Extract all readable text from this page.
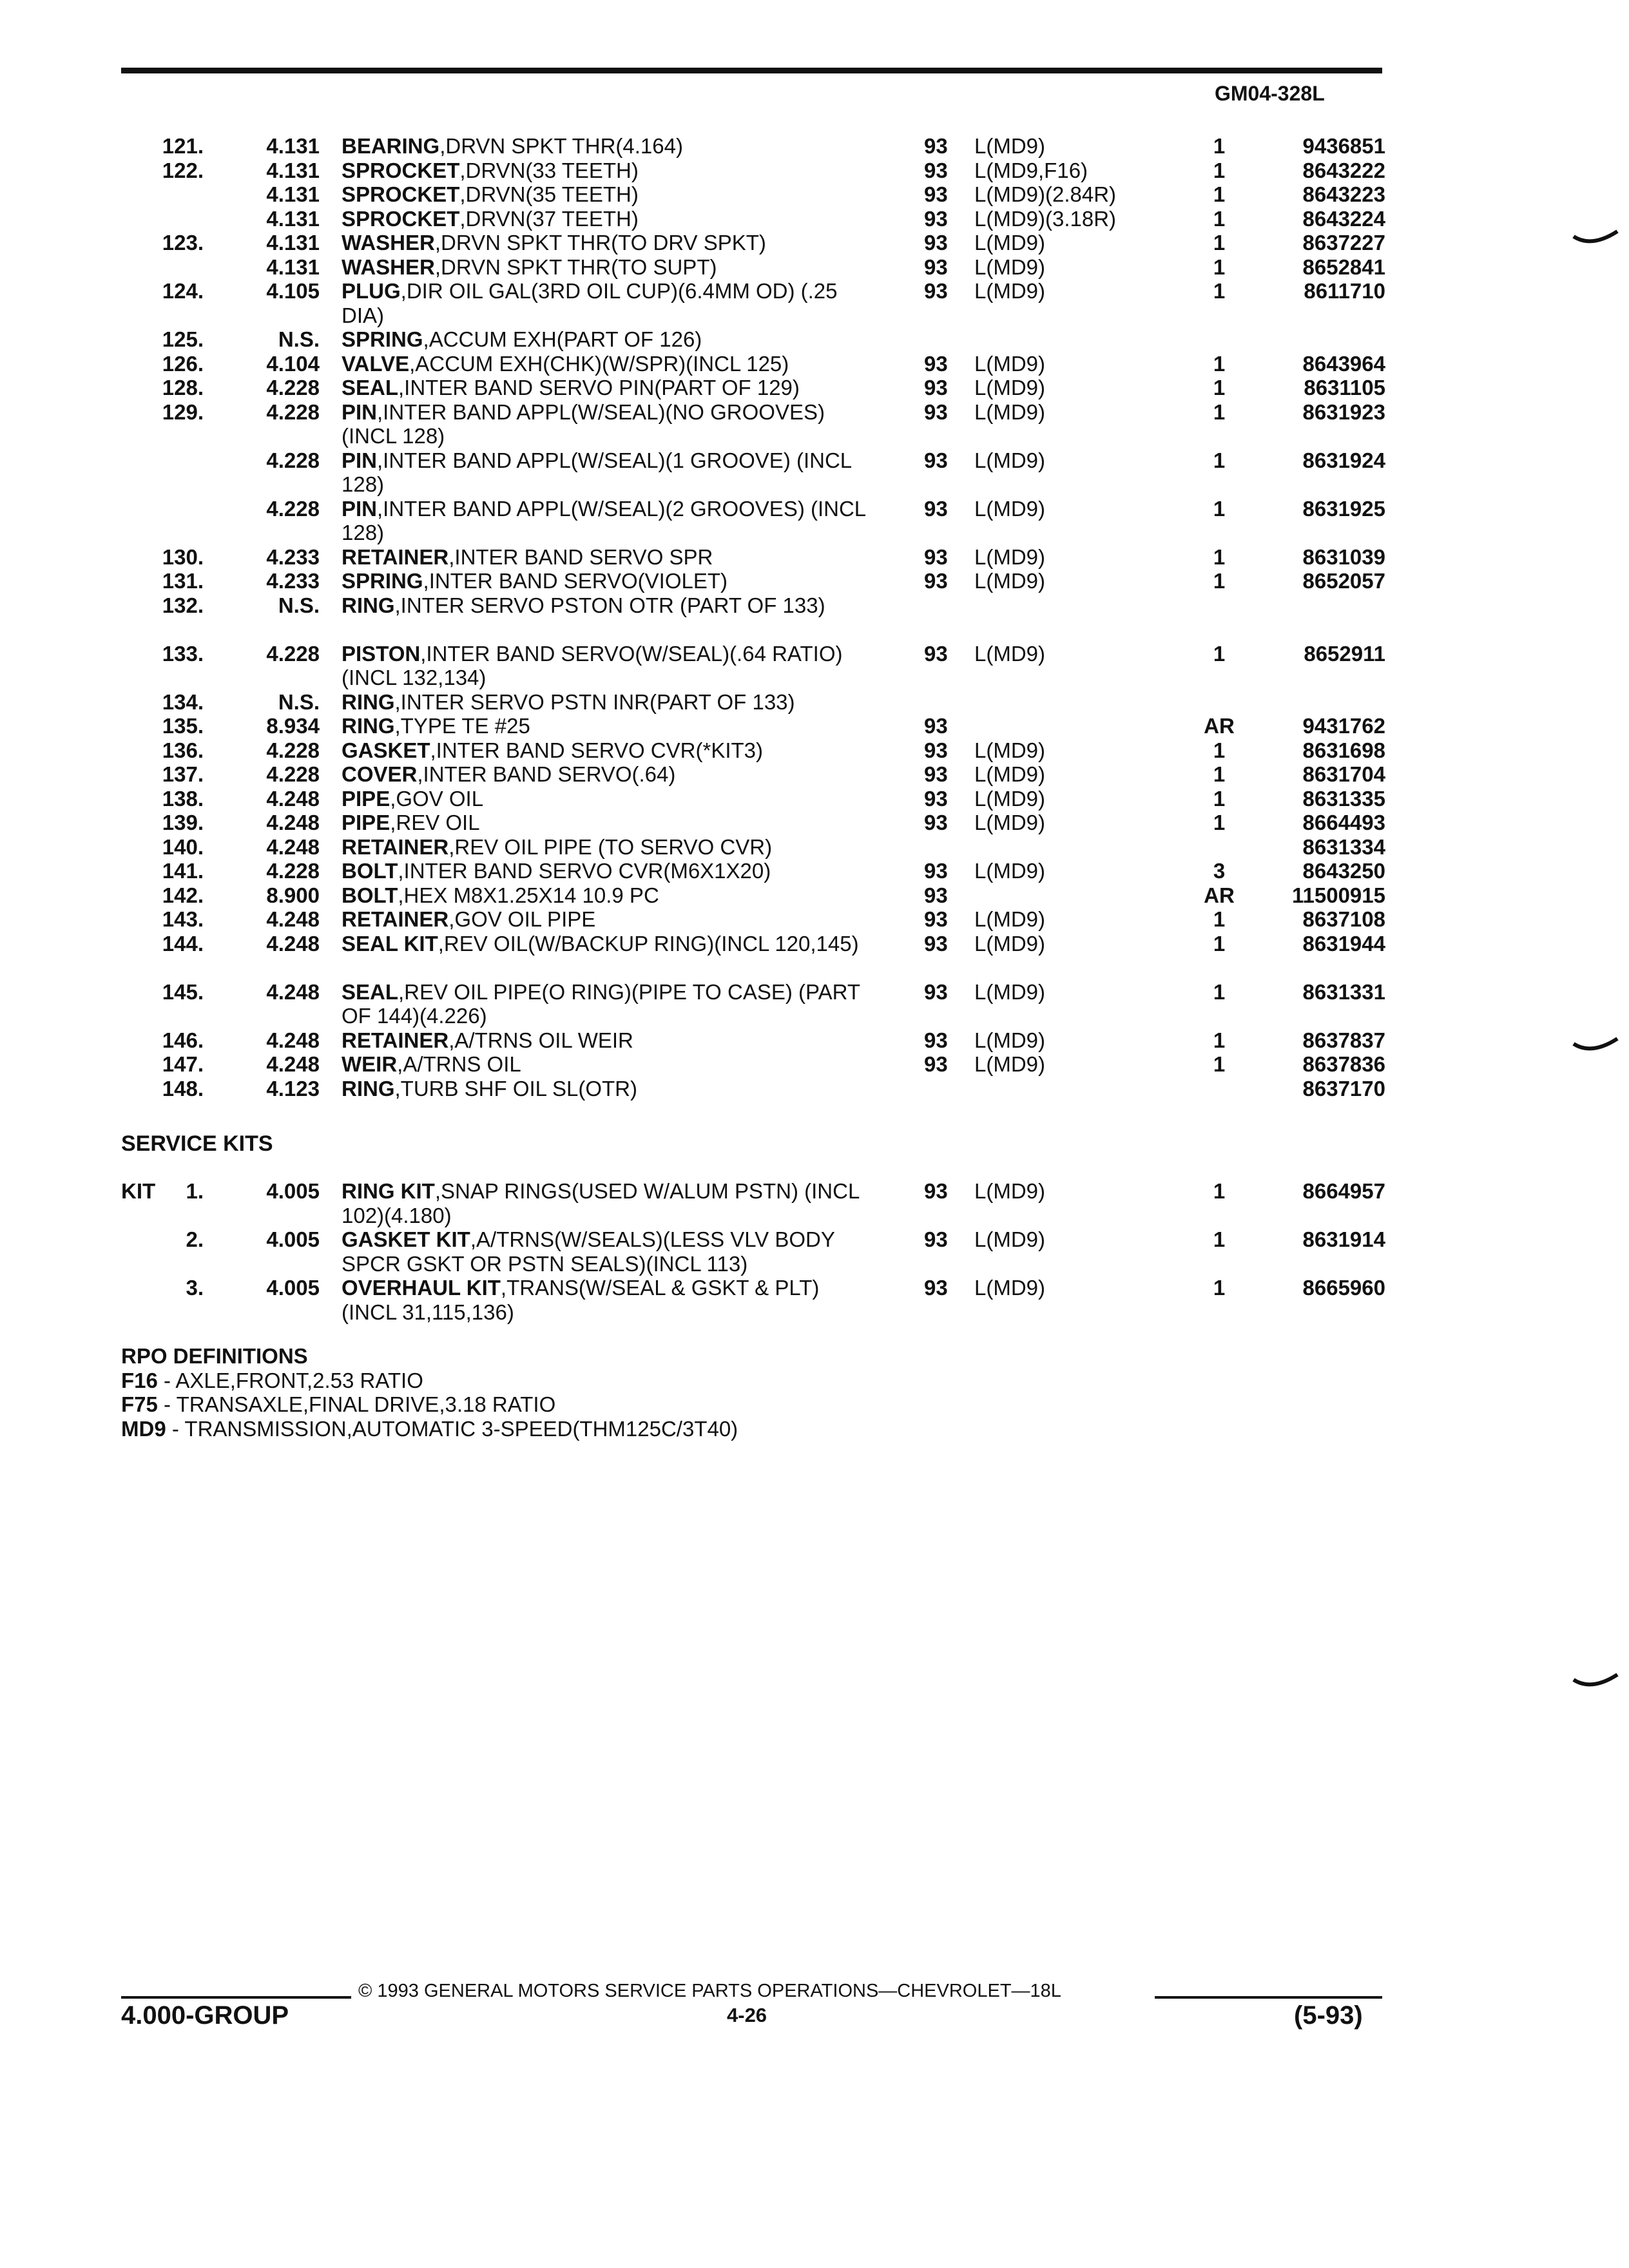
GM04-328L
121.	4.131	93	L(MD9)	1	9436851
BEARING,DRVN SPKT THR(4.164)
122.	4.131	93	L(MD9,F16)	1	8643222
SPROCKET,DRVN(33 TEETH)
4.131	93	L(MD9)(2.84R)	1	8643223
SPROCKET,DRVN(35 TEETH)
4.131	93	L(MD9)(3.18R)	1	8643224
SPROCKET,DRVN(37 TEETH)
123.	4.131	93	L(MD9)	1	8637227
WASHER,DRVN SPKT THR(TO DRV SPKT)
4.131	93	L(MD9)	1	8652841
WASHER,DRVN SPKT THR(TO SUPT)
124.	4.105	93	L(MD9)	1	8611710
PLUG,DIR OIL GAL(3RD OIL CUP)(6.4MM OD) (.25 DIA)
125.	N.S. SPRING,ACCUM EXH(PART OF 126)
126.	4.104	93	L(MD9)	1	8643964
VALVE,ACCUM EXH(CHK)(W/SPR)(INCL 125)
128.	4.228	93	L(MD9)	1	8631105
SEAL,INTER BAND SERVO PIN(PART OF 129)
129.	4.228	93	L(MD9)	1	8631923
PIN,INTER BAND APPL(W/SEAL)(NO GROOVES)(INCL 128)
4.228	93	L(MD9)	1	8631924
PIN,INTER BAND APPL(W/SEAL)(1 GROOVE) (INCL 128)
4.228	93	L(MD9)	1	8631925
PIN,INTER BAND APPL(W/SEAL)(2 GROOVES) (INCL 128)
130.	4.233	93	L(MD9)	1	8631039
RETAINER,INTER BAND SERVO SPR
131.	4.233	93	L(MD9)	1	8652057
SPRING,INTER BAND SERVO(VIOLET)
132.	N.S. RING,INTER SERVO PSTON OTR (PART OF 133)
133.	4.228	93	L(MD9)	1	8652911
PISTON,INTER BAND SERVO(W/SEAL)(.64 RATIO)(INCL 132,134)
134.	N.S. RING,INTER SERVO PSTN INR(PART OF 133)
135.	8.934	93	AR	9431762
RING,TYPE TE #25
136.	4.228	93	L(MD9)	1	8631698
GASKET,INTER BAND SERVO CVR(*KIT3)
137.	4.228	93	L(MD9)	1	8631704
COVER,INTER BAND SERVO(.64)
138.	4.248	93	L(MD9)	1	8631335
PIPE,GOV OIL
139.	4.248	93	L(MD9)	1	8664493
PIPE,REV OIL
140.	4.248	8631334
RETAINER,REV OIL PIPE (TO SERVO CVR)
141.	4.228	93	L(MD9)	3	8643250
BOLT,INTER BAND SERVO CVR(M6X1X20)
142.	8.900	93	AR	11500915
BOLT,HEX M8X1.25X14 10.9 PC
143.	4.248	93	L(MD9)	1	8637108
RETAINER,GOV OIL PIPE
144.	4.248	93	L(MD9)	1	8631944
SEAL KIT,REV OIL(W/BACKUP RING)(INCL 120,145)
145.	4.248	93	L(MD9)	1	8631331
SEAL,REV OIL PIPE(O RING)(PIPE TO CASE) (PART OF 144)(4.226)
146.	4.248	93	L(MD9)	1	8637837
RETAINER,A/TRNS OIL WEIR
147.	4.248	93	L(MD9)	1	8637836
WEIR,A/TRNS OIL
148.	4.123	8637170
RING,TURB SHF OIL SL(OTR)
SERVICE KITS
KIT	1.	4.005	93	L(MD9)	1	8664957
RING KIT,SNAP RINGS(USED W/ALUM PSTN) (INCL 102)(4.180)
2.	4.005	93	L(MD9)	1	8631914
GASKET KIT,A/TRNS(W/SEALS)(LESS VLV BODY SPCR GSKT OR PSTN SEALS)(INCL 113)
3.	4.005	93	L(MD9)	1	8665960
OVERHAUL KIT,TRANS(W/SEAL & GSKT & PLT)(INCL 31,115,136)
RPO DEFINITIONS
F16 - AXLE,FRONT,2.53 RATIO
F75 - TRANSAXLE,FINAL DRIVE,3.18 RATIO
MD9 - TRANSMISSION,AUTOMATIC 3-SPEED(THM125C/3T40)
© 1993 GENERAL MOTORS SERVICE PARTS OPERATIONS—CHEVROLET—18L
4.000-GROUP	4-26	(5-93)
